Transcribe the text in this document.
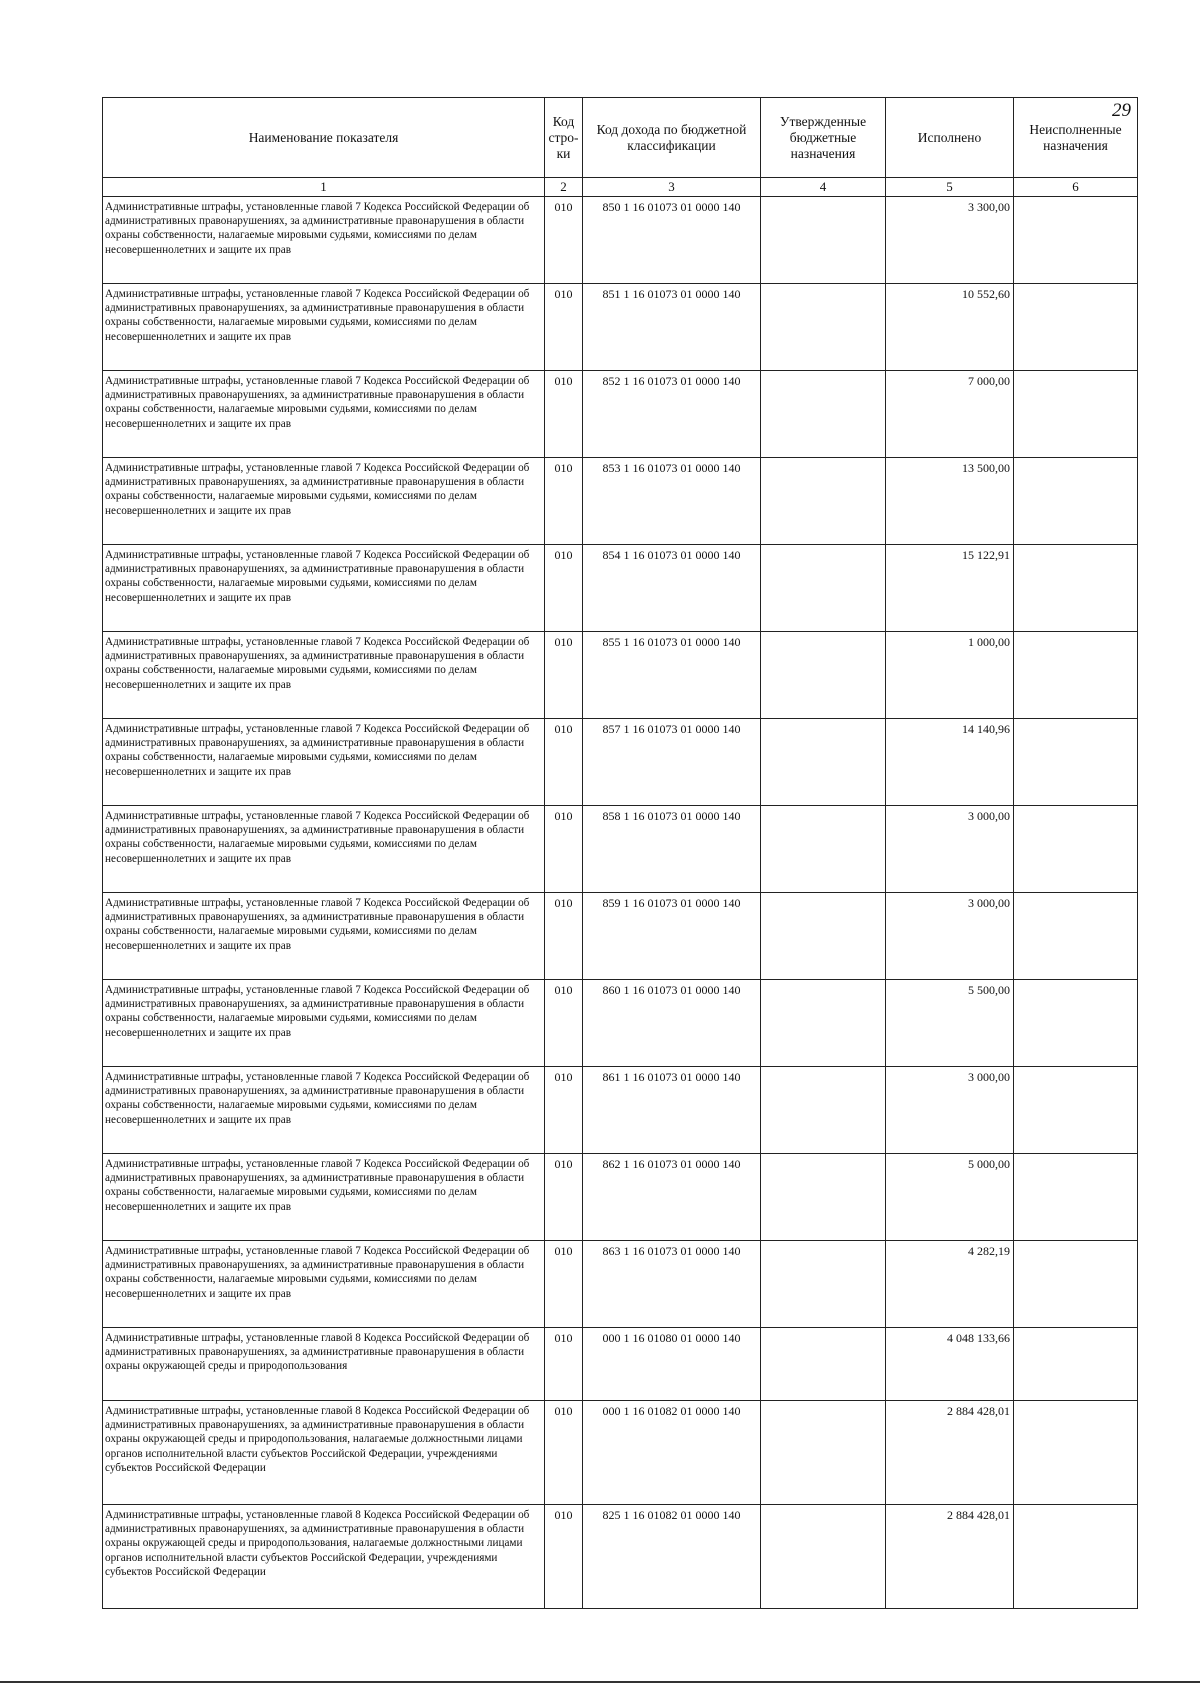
29
Наименование показателя	Код стро-ки	Код дохода по бюджетной классификации	Утвержденные бюджетные назначения	Исполнено	Неисполненные назначения
1	2	3	4	5	6
Административные штрафы, установленные главой 7 Кодекса Российской Федерации об административных правонарушениях, за административные правонарушения в области охраны собственности, налагаемые мировыми судьями, комиссиями по делам несовершеннолетних и защите их прав	010	850 1 16 01073 01 0000 140		3 300,00	
Административные штрафы, установленные главой 7 Кодекса Российской Федерации об административных правонарушениях, за административные правонарушения в области охраны собственности, налагаемые мировыми судьями, комиссиями по делам несовершеннолетних и защите их прав	010	851 1 16 01073 01 0000 140		10 552,60	
Административные штрафы, установленные главой 7 Кодекса Российской Федерации об административных правонарушениях, за административные правонарушения в области охраны собственности, налагаемые мировыми судьями, комиссиями по делам несовершеннолетних и защите их прав	010	852 1 16 01073 01 0000 140		7 000,00	
Административные штрафы, установленные главой 7 Кодекса Российской Федерации об административных правонарушениях, за административные правонарушения в области охраны собственности, налагаемые мировыми судьями, комиссиями по делам несовершеннолетних и защите их прав	010	853 1 16 01073 01 0000 140		13 500,00	
Административные штрафы, установленные главой 7 Кодекса Российской Федерации об административных правонарушениях, за административные правонарушения в области охраны собственности, налагаемые мировыми судьями, комиссиями по делам несовершеннолетних и защите их прав	010	854 1 16 01073 01 0000 140		15 122,91	
Административные штрафы, установленные главой 7 Кодекса Российской Федерации об административных правонарушениях, за административные правонарушения в области охраны собственности, налагаемые мировыми судьями, комиссиями по делам несовершеннолетних и защите их прав	010	855 1 16 01073 01 0000 140		1 000,00	
Административные штрафы, установленные главой 7 Кодекса Российской Федерации об административных правонарушениях, за административные правонарушения в области охраны собственности, налагаемые мировыми судьями, комиссиями по делам несовершеннолетних и защите их прав	010	857 1 16 01073 01 0000 140		14 140,96	
Административные штрафы, установленные главой 7 Кодекса Российской Федерации об административных правонарушениях, за административные правонарушения в области охраны собственности, налагаемые мировыми судьями, комиссиями по делам несовершеннолетних и защите их прав	010	858 1 16 01073 01 0000 140		3 000,00	
Административные штрафы, установленные главой 7 Кодекса Российской Федерации об административных правонарушениях, за административные правонарушения в области охраны собственности, налагаемые мировыми судьями, комиссиями по делам несовершеннолетних и защите их прав	010	859 1 16 01073 01 0000 140		3 000,00	
Административные штрафы, установленные главой 7 Кодекса Российской Федерации об административных правонарушениях, за административные правонарушения в области охраны собственности, налагаемые мировыми судьями, комиссиями по делам несовершеннолетних и защите их прав	010	860 1 16 01073 01 0000 140		5 500,00	
Административные штрафы, установленные главой 7 Кодекса Российской Федерации об административных правонарушениях, за административные правонарушения в области охраны собственности, налагаемые мировыми судьями, комиссиями по делам несовершеннолетних и защите их прав	010	861 1 16 01073 01 0000 140		3 000,00	
Административные штрафы, установленные главой 7 Кодекса Российской Федерации об административных правонарушениях, за административные правонарушения в области охраны собственности, налагаемые мировыми судьями, комиссиями по делам несовершеннолетних и защите их прав	010	862 1 16 01073 01 0000 140		5 000,00	
Административные штрафы, установленные главой 7 Кодекса Российской Федерации об административных правонарушениях, за административные правонарушения в области охраны собственности, налагаемые мировыми судьями, комиссиями по делам несовершеннолетних и защите их прав	010	863 1 16 01073 01 0000 140		4 282,19	
Административные штрафы, установленные главой 8 Кодекса Российской Федерации об административных правонарушениях, за административные правонарушения в области охраны окружающей среды и природопользования	010	000 1 16 01080 01 0000 140		4 048 133,66	
Административные штрафы, установленные главой 8 Кодекса Российской Федерации об административных правонарушениях, за административные правонарушения в области охраны окружающей среды и природопользования, налагаемые должностными лицами органов исполнительной власти субъектов Российской Федерации, учреждениями субъектов Российской Федерации	010	000 1 16 01082 01 0000 140		2 884 428,01	
Административные штрафы, установленные главой 8 Кодекса Российской Федерации об административных правонарушениях, за административные правонарушения в области охраны окружающей среды и природопользования, налагаемые должностными лицами органов исполнительной власти субъектов Российской Федерации, учреждениями субъектов Российской Федерации	010	825 1 16 01082 01 0000 140		2 884 428,01	
